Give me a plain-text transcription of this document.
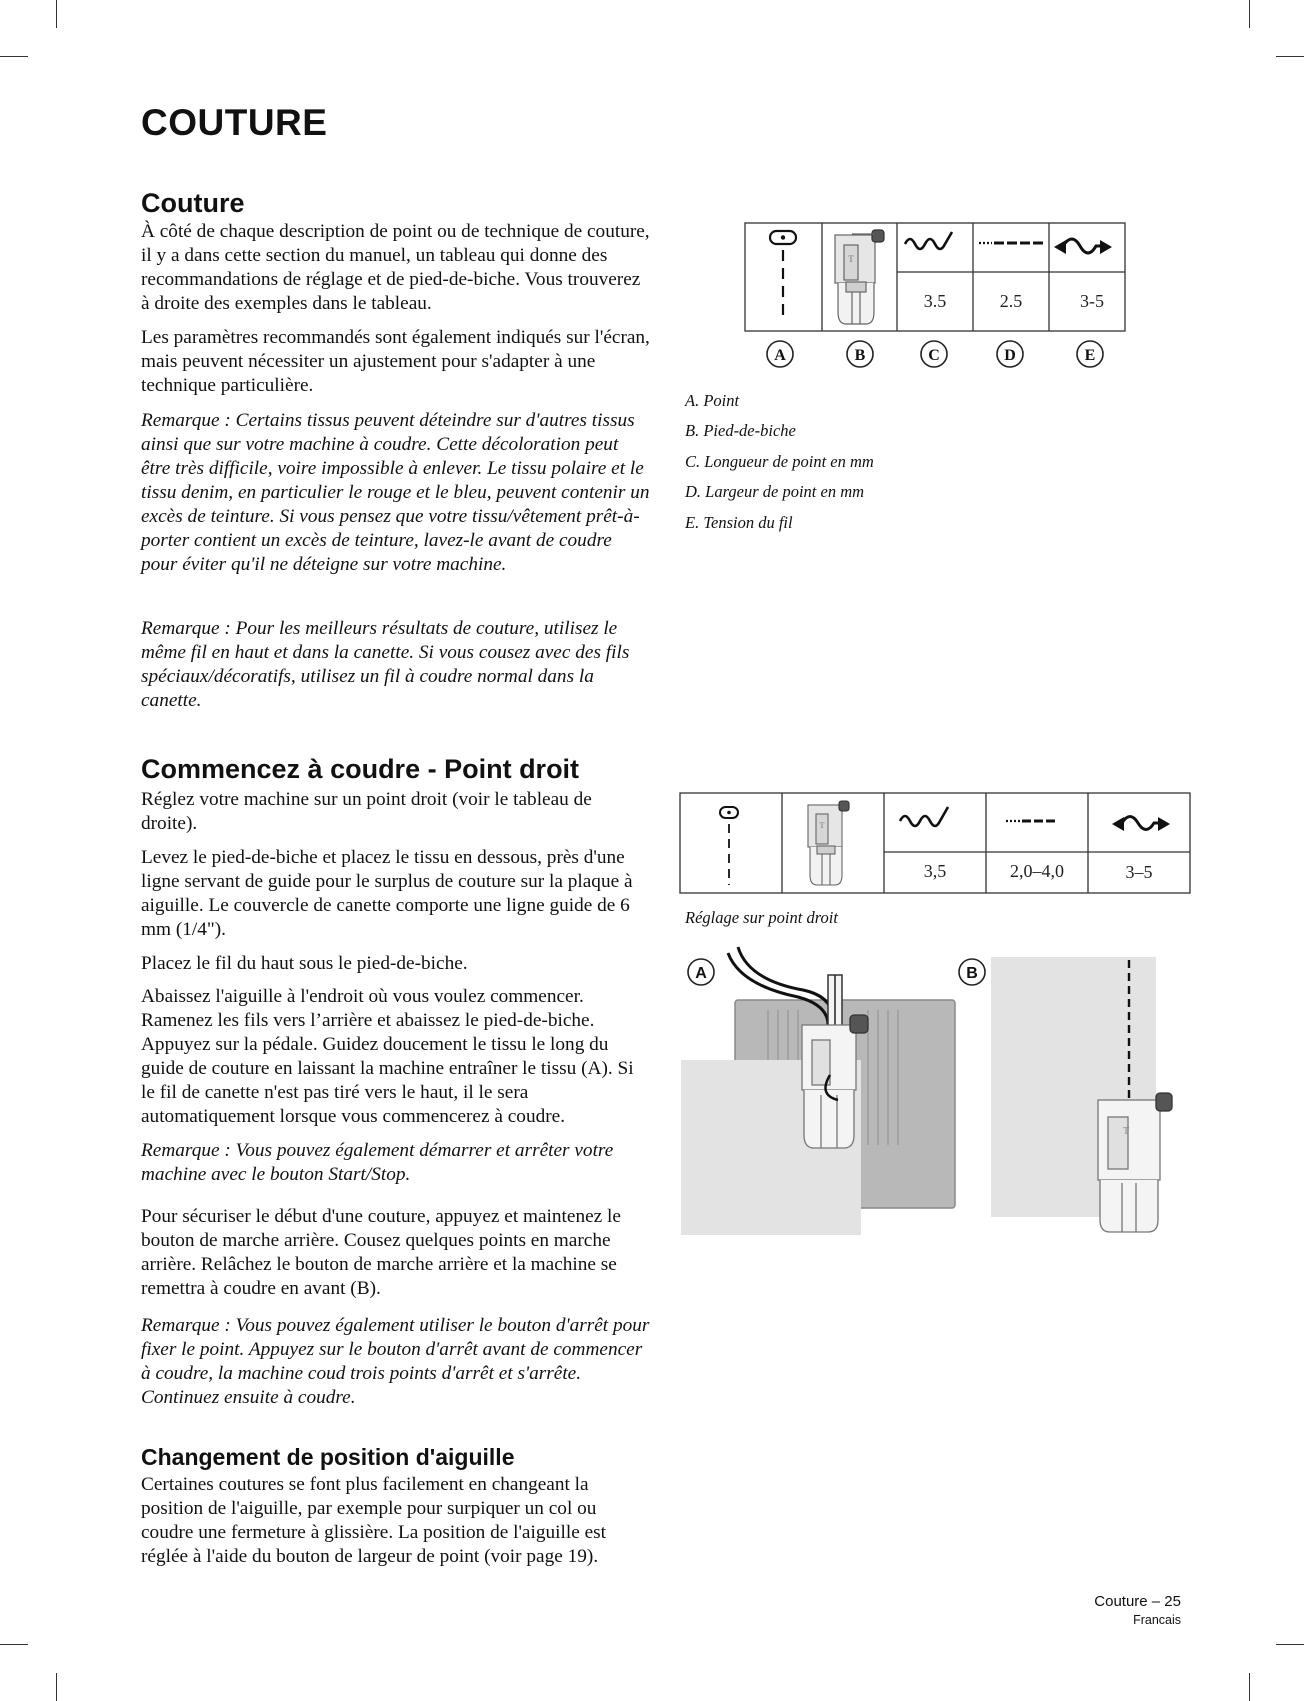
COUTURE
Couture

À côté de chaque description de point ou de technique de couture, il y a dans cette section du manuel, un tableau qui donne des recommandations de réglage et de pied-de-biche. Vous trouverez à droite des exemples dans le tableau.

Les paramètres recommandés sont également indiqués sur l'écran, mais peuvent nécessiter un ajustement pour s'adapter à une technique particulière.

Remarque : Certains tissus peuvent déteindre sur d'autres tissus ainsi que sur votre machine à coudre. Cette décoloration peut être très difficile, voire impossible à enlever. Le tissu polaire et le tissu denim, en particulier le rouge et le bleu, peuvent contenir un excès de teinture. Si vous pensez que votre tissu/vêtement prêt-à-porter contient un excès de teinture, lavez-le avant de coudre pour éviter qu'il ne déteigne sur votre machine.

Remarque : Pour les meilleurs résultats de couture, utilisez le même fil en haut et dans la canette. Si vous cousez avec des fils spéciaux/décoratifs, utilisez un fil à coudre normal dans la canette.

T
3.5	2.5	3-5
A	B	C	D	E

A. Point

B. Pied-de-biche

C. Longueur de point en mm

D. Largeur de point en mm

E. Tension du fil

Commencez à coudre - Point droit

Réglez votre machine sur un point droit (voir le tableau de droite).

Levez le pied-de-biche et placez le tissu en dessous, près d'une ligne servant de guide pour le surplus de couture sur la plaque à aiguille. Le couvercle de canette comporte une ligne guide de 6 mm (1/4").

Placez le fil du haut sous le pied-de-biche.

Abaissez l'aiguille à l'endroit où vous voulez commencer. Ramenez les fils vers l’arrière et abaissez le pied-de-biche. Appuyez sur la pédale. Guidez doucement le tissu le long du guide de couture en laissant la machine entraîner le tissu (A). Si le fil de canette n'est pas tiré vers le haut, il le sera automatiquement lorsque vous commencerez à coudre.

Remarque : Vous pouvez également démarrer et arrêter votre machine avec le bouton Start/Stop.

Pour sécuriser le début d'une couture, appuyez et maintenez le bouton de marche arrière. Cousez quelques points en marche arrière. Relâchez le bouton de marche arrière et la machine se remettra à coudre en avant (B).

Remarque : Vous pouvez également utiliser le bouton d'arrêt pour fixer le point. Appuyez sur le bouton d'arrêt avant de commencer à coudre, la machine coud trois points d'arrêt et s'arrête. Continuez ensuite à coudre.

T
3,5	2,0–4,0	3–5

Réglage sur point droit

A
T
B
Changement de position d'aiguille

Certaines coutures se font plus facilement en changeant la position de l'aiguille, par exemple pour surpiquer un col ou coudre une fermeture à glissière. La position de l'aiguille est réglée à l'aide du bouton de largeur de point (voir page 19).

Couture – 25
Francais
